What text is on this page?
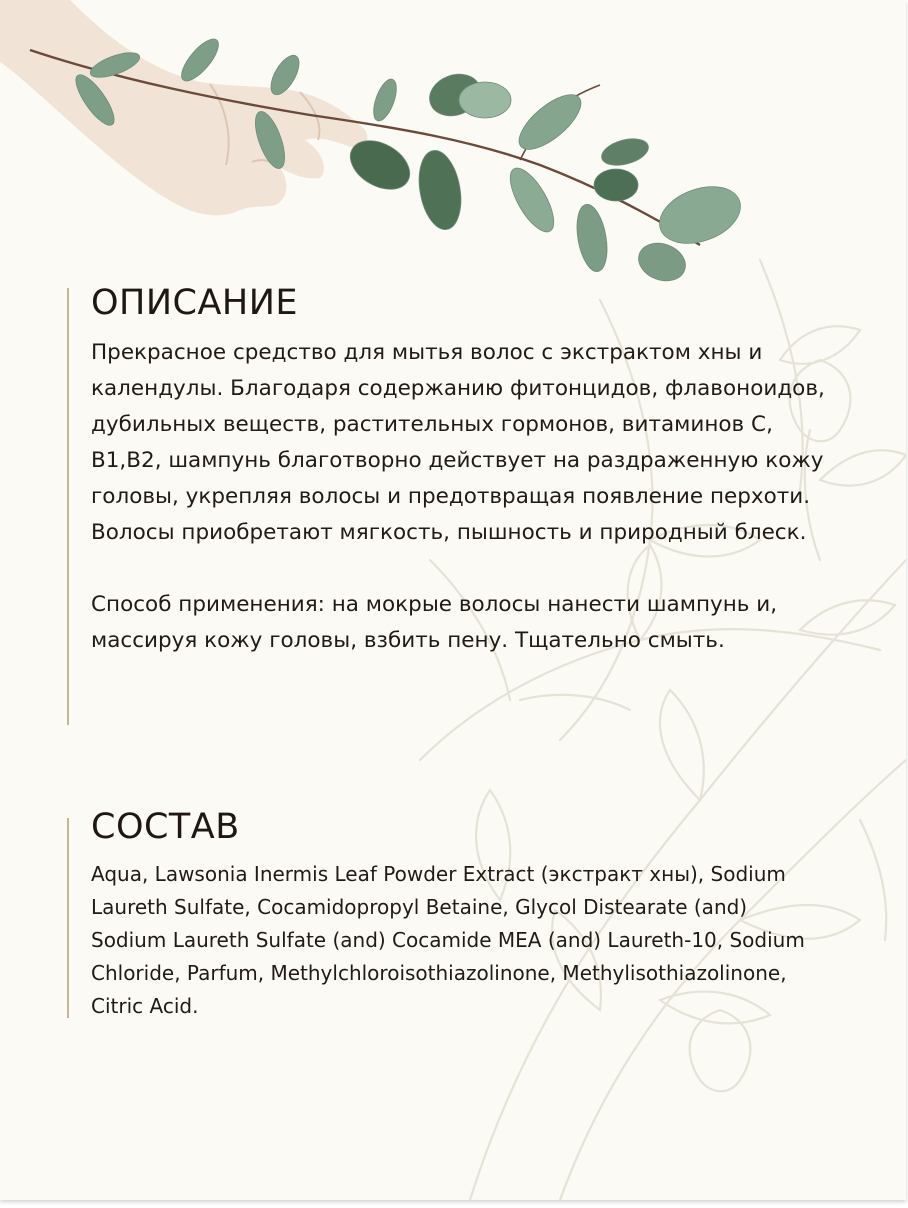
ОПИСАНИЕ

Прекрасное средство для мытья волос с экстрактом хны и календулы. Благодаря содержанию фитонцидов, флавоноидов, дубильных веществ, растительных гормонов, витаминов С, В1,В2, шампунь благотворно действует на раздраженную кожу головы, укрепляя волосы и предотвращая появление перхоти. Волосы приобретают мягкость, пышность и природный блеск.

Способ применения: на мокрые волосы нанести шампунь и, массируя кожу головы, взбить пену. Тщательно смыть.

СОСТАВ

Aqua, Lawsonia Inermis Leaf Powder Extract (экстракт хны), Sodium Laureth Sulfate, Cocamidopropyl Betaine, Glycol Distearate (and) Sodium Laureth Sulfate (and) Cocamide MEA (and) Laureth-10, Sodium Chloride, Parfum, Methylchloroisothiazolinone, Methylisothiazolinone, Citric Acid.
